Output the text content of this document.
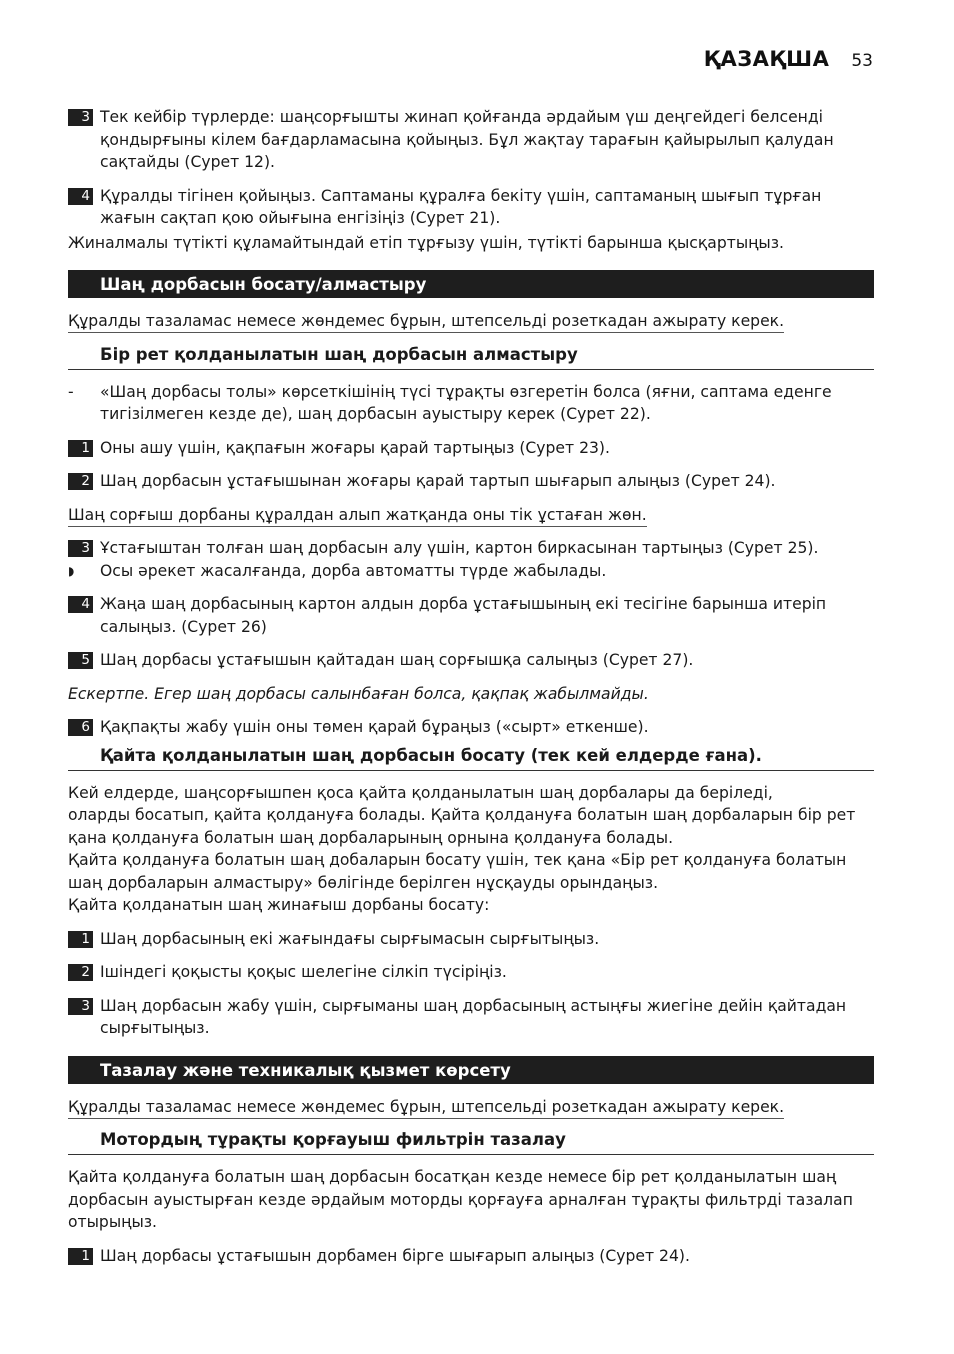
ҚАЗАҚША 53
3 Тек кейбір түрлерде: шаңсорғышты жинап қойғанда әрдайым үш деңгейдегі белсенді қондырғыны кілем бағдарламасына қойыңыз. Бұл жақтау тарағын қайырылып қалудан сақтайды (Сурет 12).
4 Құралды тігінен қойыңыз. Саптаманы құралға бекіту үшін, саптаманың шығып тұрған жағын сақтап қою ойығына енгізіңіз (Сурет 21).
Жиналмалы түтікті құламайтындай етіп тұрғызу үшін, түтікті барынша қысқартыңыз.
Шаң дорбасын босату/алмастыру
Құралды тазаламас немесе жөндемес бұрын, штепсельді розеткадан ажырату керек.
Бір рет қолданылатын шаң дорбасын алмастыру
-	«Шаң дорбасы толы» көрсеткішінің түсі тұрақты өзгеретін болса (яғни, саптама еденге тигізілмеген кезде де), шаң дорбасын ауыстыру керек (Сурет 22).
1 Оны ашу үшін, қақпағын жоғары қарай тартыңыз (Сурет 23).
2 Шаң дорбасын ұстағышынан жоғары қарай тартып шығарып алыңыз (Сурет 24).
Шаң сорғыш дорбаны құралдан алып жатқанда оны тік ұстаған жөн.
3 Ұстағыштан толған шаң дорбасын алу үшін, картон биркасынан тартыңыз (Сурет 25).
◗	Осы әрекет жасалғанда, дорба автоматты түрде жабылады.
4 Жаңа шаң дорбасының картон алдын дорба ұстағышының екі тесігіне барынша итеріп салыңыз. (Сурет 26)
5 Шаң дорбасы ұстағышын қайтадан шаң сорғышқа салыңыз (Сурет 27).
Ескертпе. Егер шаң дорбасы салынбаған болса, қақпақ жабылмайды.
6 Қақпақты жабу үшін оны төмен қарай бұраңыз («сырт» еткенше).
Қайта қолданылатын шаң дорбасын босату (тек кей елдерде ғана).
Кей елдерде, шаңсорғышпен қоса қайта қолданылатын шаң дорбалары да беріледі,
оларды босатып, қайта қолдануға болады. Қайта қолдануға болатын шаң дорбаларын бір рет қана қолдануға болатын шаң дорбаларының орнына қолдануға болады.
Қайта қолдануға болатын шаң добаларын босату үшін, тек қана «Бір рет қолдануға болатын шаң дорбаларын алмастыру» бөлігінде берілген нұсқауды орындаңыз.
Қайта қолданатын шаң жинағыш дорбаны босату:
1 Шаң дорбасының екі жағындағы сырғымасын сырғытыңыз.
2 Ішіндегі қоқысты қоқыс шелегіне сілкіп түсіріңіз.
3 Шаң дорбасын жабу үшін, сырғыманы шаң дорбасының астыңғы жиегіне дейін қайтадан сырғытыңыз.
Тазалау және техникалық қызмет көрсету
Құралды тазаламас немесе жөндемес бұрын, штепсельді розеткадан ажырату керек.
Мотордың тұрақты қорғауыш фильтрін тазалау
Қайта қолдануға болатын шаң дорбасын босатқан кезде немесе бір рет қолданылатын шаң дорбасын ауыстырған кезде әрдайым моторды қорғауға арналған тұрақты фильтрді тазалап отырыңыз.
1 Шаң дорбасы ұстағышын дорбамен бірге шығарып алыңыз (Сурет 24).
